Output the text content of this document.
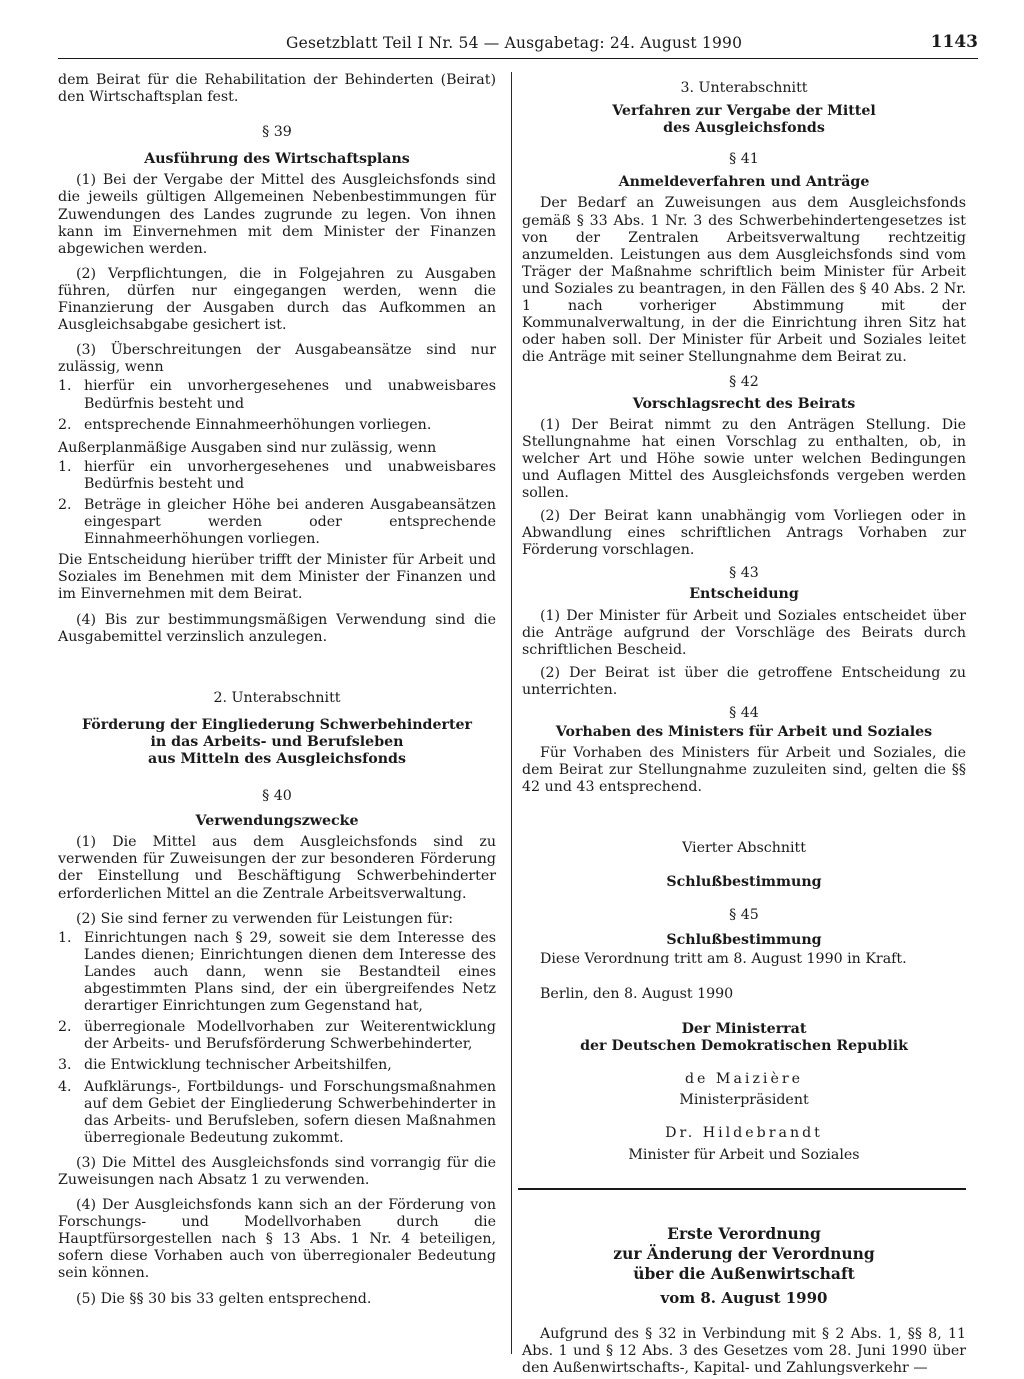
Gesetzblatt Teil I Nr. 54 — Ausgabetag: 24. August 1990	1143

dem Beirat für die Rehabilitation der Behinderten (Beirat) den Wirtschaftsplan fest.

§ 39

Ausführung des Wirtschaftsplans

(1) Bei der Vergabe der Mittel des Ausgleichsfonds sind die jeweils gültigen Allgemeinen Nebenbestimmungen für Zuwendungen des Landes zugrunde zu legen. Von ihnen kann im Einvernehmen mit dem Minister der Finanzen abgewichen werden.

(2) Verpflichtungen, die in Folgejahren zu Ausgaben führen, dürfen nur eingegangen werden, wenn die Finanzierung der Ausgaben durch das Aufkommen an Ausgleichsabgabe gesichert ist.

(3) Überschreitungen der Ausgabeansätze sind nur zulässig, wenn

1. hierfür ein unvorhergesehenes und unabweisbares Bedürfnis besteht und
2. entsprechende Einnahmeerhöhungen vorliegen.

Außerplanmäßige Ausgaben sind nur zulässig, wenn

1. hierfür ein unvorhergesehenes und unabweisbares Bedürfnis besteht und
2. Beträge in gleicher Höhe bei anderen Ausgabeansätzen eingespart werden oder entsprechende Einnahmeerhöhungen vorliegen.

Die Entscheidung hierüber trifft der Minister für Arbeit und Soziales im Benehmen mit dem Minister der Finanzen und im Einvernehmen mit dem Beirat.

(4) Bis zur bestimmungsmäßigen Verwendung sind die Ausgabemittel verzinslich anzulegen.

2. Unterabschnitt

Förderung der Eingliederung Schwerbehinderter

in das Arbeits- und Berufsleben

aus Mitteln des Ausgleichsfonds

§ 40

Verwendungszwecke

(1) Die Mittel aus dem Ausgleichsfonds sind zu verwenden für Zuweisungen der zur besonderen Förderung der Einstellung und Beschäftigung Schwerbehinderter erforderlichen Mittel an die Zentrale Arbeitsverwaltung.

(2) Sie sind ferner zu verwenden für Leistungen für:

1. Einrichtungen nach § 29, soweit sie dem Interesse des Landes dienen; Einrichtungen dienen dem Interesse des Landes auch dann, wenn sie Bestandteil eines abgestimmten Plans sind, der ein übergreifendes Netz derartiger Einrichtungen zum Gegenstand hat,
2. überregionale Modellvorhaben zur Weiterentwicklung der Arbeits- und Berufsförderung Schwerbehinderter,
3. die Entwicklung technischer Arbeitshilfen,
4. Aufklärungs-, Fortbildungs- und Forschungsmaßnahmen auf dem Gebiet der Eingliederung Schwerbehinderter in das Arbeits- und Berufsleben, sofern diesen Maßnahmen überregionale Bedeutung zukommt.

(3) Die Mittel des Ausgleichsfonds sind vorrangig für die Zuweisungen nach Absatz 1 zu verwenden.

(4) Der Ausgleichsfonds kann sich an der Förderung von Forschungs- und Modellvorhaben durch die Hauptfürsorgestellen nach § 13 Abs. 1 Nr. 4 beteiligen, sofern diese Vorhaben auch von überregionaler Bedeutung sein können.

(5) Die §§ 30 bis 33 gelten entsprechend.

3. Unterabschnitt

Verfahren zur Vergabe der Mittel

des Ausgleichsfonds

§ 41

Anmeldeverfahren und Anträge

Der Bedarf an Zuweisungen aus dem Ausgleichsfonds gemäß § 33 Abs. 1 Nr. 3 des Schwerbehindertengesetzes ist von der Zentralen Arbeitsverwaltung rechtzeitig anzumelden. Leistungen aus dem Ausgleichsfonds sind vom Träger der Maßnahme schriftlich beim Minister für Arbeit und Soziales zu beantragen, in den Fällen des § 40 Abs. 2 Nr. 1 nach vorheriger Abstimmung mit der Kommunalverwaltung, in der die Einrichtung ihren Sitz hat oder haben soll. Der Minister für Arbeit und Soziales leitet die Anträge mit seiner Stellungnahme dem Beirat zu.

§ 42

Vorschlagsrecht des Beirats

(1) Der Beirat nimmt zu den Anträgen Stellung. Die Stellungnahme hat einen Vorschlag zu enthalten, ob, in welcher Art und Höhe sowie unter welchen Bedingungen und Auflagen Mittel des Ausgleichsfonds vergeben werden sollen.

(2) Der Beirat kann unabhängig vom Vorliegen oder in Abwandlung eines schriftlichen Antrags Vorhaben zur Förderung vorschlagen.

§ 43

Entscheidung

(1) Der Minister für Arbeit und Soziales entscheidet über die Anträge aufgrund der Vorschläge des Beirats durch schriftlichen Bescheid.

(2) Der Beirat ist über die getroffene Entscheidung zu unterrichten.

§ 44

Vorhaben des Ministers für Arbeit und Soziales

Für Vorhaben des Ministers für Arbeit und Soziales, die dem Beirat zur Stellungnahme zuzuleiten sind, gelten die §§ 42 und 43 entsprechend.

Vierter Abschnitt

Schlußbestimmung

§ 45

Schlußbestimmung

Diese Verordnung tritt am 8. August 1990 in Kraft.

Berlin, den 8. August 1990

Der Ministerrat

der Deutschen Demokratischen Republik

de Maizière

Ministerpräsident

Dr. Hildebrandt

Minister für Arbeit und Soziales

Erste Verordnung

zur Änderung der Verordnung

über die Außenwirtschaft

vom 8. August 1990

Aufgrund des § 32 in Verbindung mit § 2 Abs. 1, §§ 8, 11 Abs. 1 und § 12 Abs. 3 des Gesetzes vom 28. Juni 1990 über den Außenwirtschafts-, Kapital- und Zahlungsverkehr —
